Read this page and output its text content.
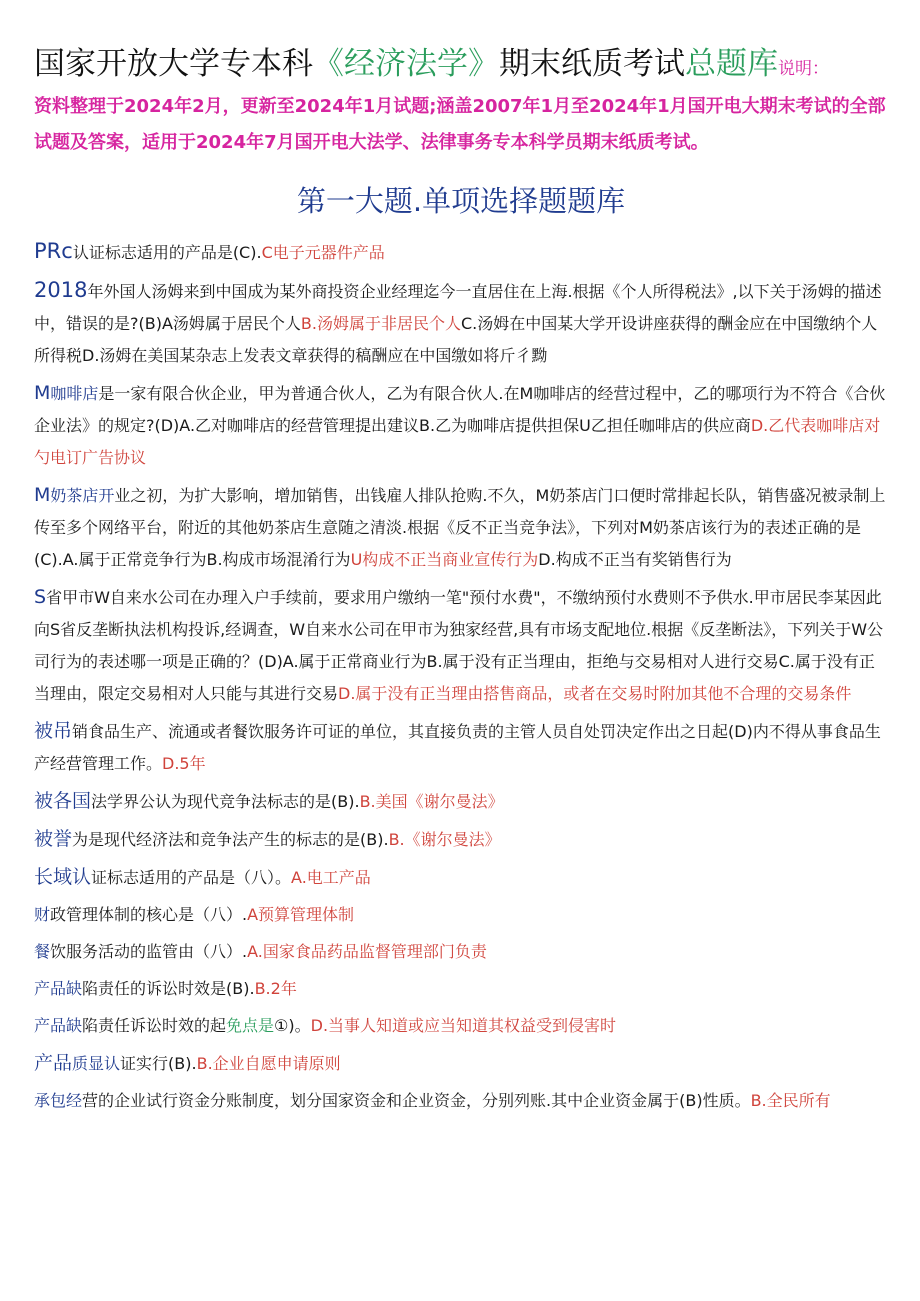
国家开放大学专本科《经济法学》期末纸质考试总题库说明：
资料整理于2024年2月，更新至2024年1月试题;涵盖2007年1月至2024年1月国开电大期末考试的全部试题及答案，适用于2024年7月国开电大法学、法律事务专本科学员期末纸质考试。
第一大题.单项选择题题库

PRc认证标志适用的产品是(C).C电子元器件产品

2018年外国人汤姆来到中国成为某外商投资企业经理迄今一直居住在上海.根据《个人所得税法》,以下关于汤姆的描述中，错误的是?(B)A汤姆属于居民个人B.汤姆属于非居民个人C.汤姆在中国某大学开设讲座获得的酬金应在中国缴纳个人所得税D.汤姆在美国某杂志上发表文章获得的稿酬应在中国缴如将斤彳黝

M咖啡店是一家有限合伙企业，甲为普通合伙人，乙为有限合伙人.在M咖啡店的经营过程中，乙的哪项行为不符合《合伙企业法》的规定?(D)A.乙对咖啡店的经营管理提出建议B.乙为咖啡店提供担保U乙担任咖啡店的供应商D.乙代表咖啡店对勺电订广告协议

M奶茶店开业之初，为扩大影响，增加销售，出钱雇人排队抢购.不久，M奶茶店门口便时常排起长队，销售盛况被录制上传至多个网络平台，附近的其他奶茶店生意随之清淡.根据《反不正当竞争法》，下列对M奶茶店该行为的表述正确的是(C).A.属于正常竞争行为B.构成市场混淆行为U构成不正当商业宣传行为D.构成不正当有奖销售行为

S省甲市W自来水公司在办理入户手续前，要求用户缴纳一笔"预付水费"，不缴纳预付水费则不予供水.甲市居民李某因此向S省反垄断执法机构投诉,经调查，W自来水公司在甲市为独家经营,具有市场支配地位.根据《反垄断法》，下列关于W公司行为的表述哪一项是正确的？(D)A.属于正常商业行为B.属于没有正当理由，拒绝与交易相对人进行交易C.属于没有正当理由，限定交易相对人只能与其进行交易D.属于没有正当理由搭售商品，或者在交易时附加其他不合理的交易条件

被吊销食品生产、流通或者餐饮服务许可证的单位，其直接负责的主管人员自处罚决定作出之日起(D)内不得从事食品生产经营管理工作。D.5年

被各国法学界公认为现代竞争法标志的是(B).B.美国《谢尔曼法》

被誉为是现代经济法和竞争法产生的标志的是(B).B.《谢尔曼法》

长域认证标志适用的产品是（八）。A.电工产品

财政管理体制的核心是（八）.A预算管理体制

餐饮服务活动的监管由（八）.A.国家食品药品监督管理部门负责

产品缺陷责任的诉讼时效是(B).B.2年

产品缺陷责任诉讼时效的起免点是①)。D.当事人知道或应当知道其权益受到侵害时

产品质显认证实行(B).B.企业自愿申请原则

承包经营的企业试行资金分账制度，划分国家资金和企业资金，分别列账.其中企业资金属于(B)性质。B.全民所有
